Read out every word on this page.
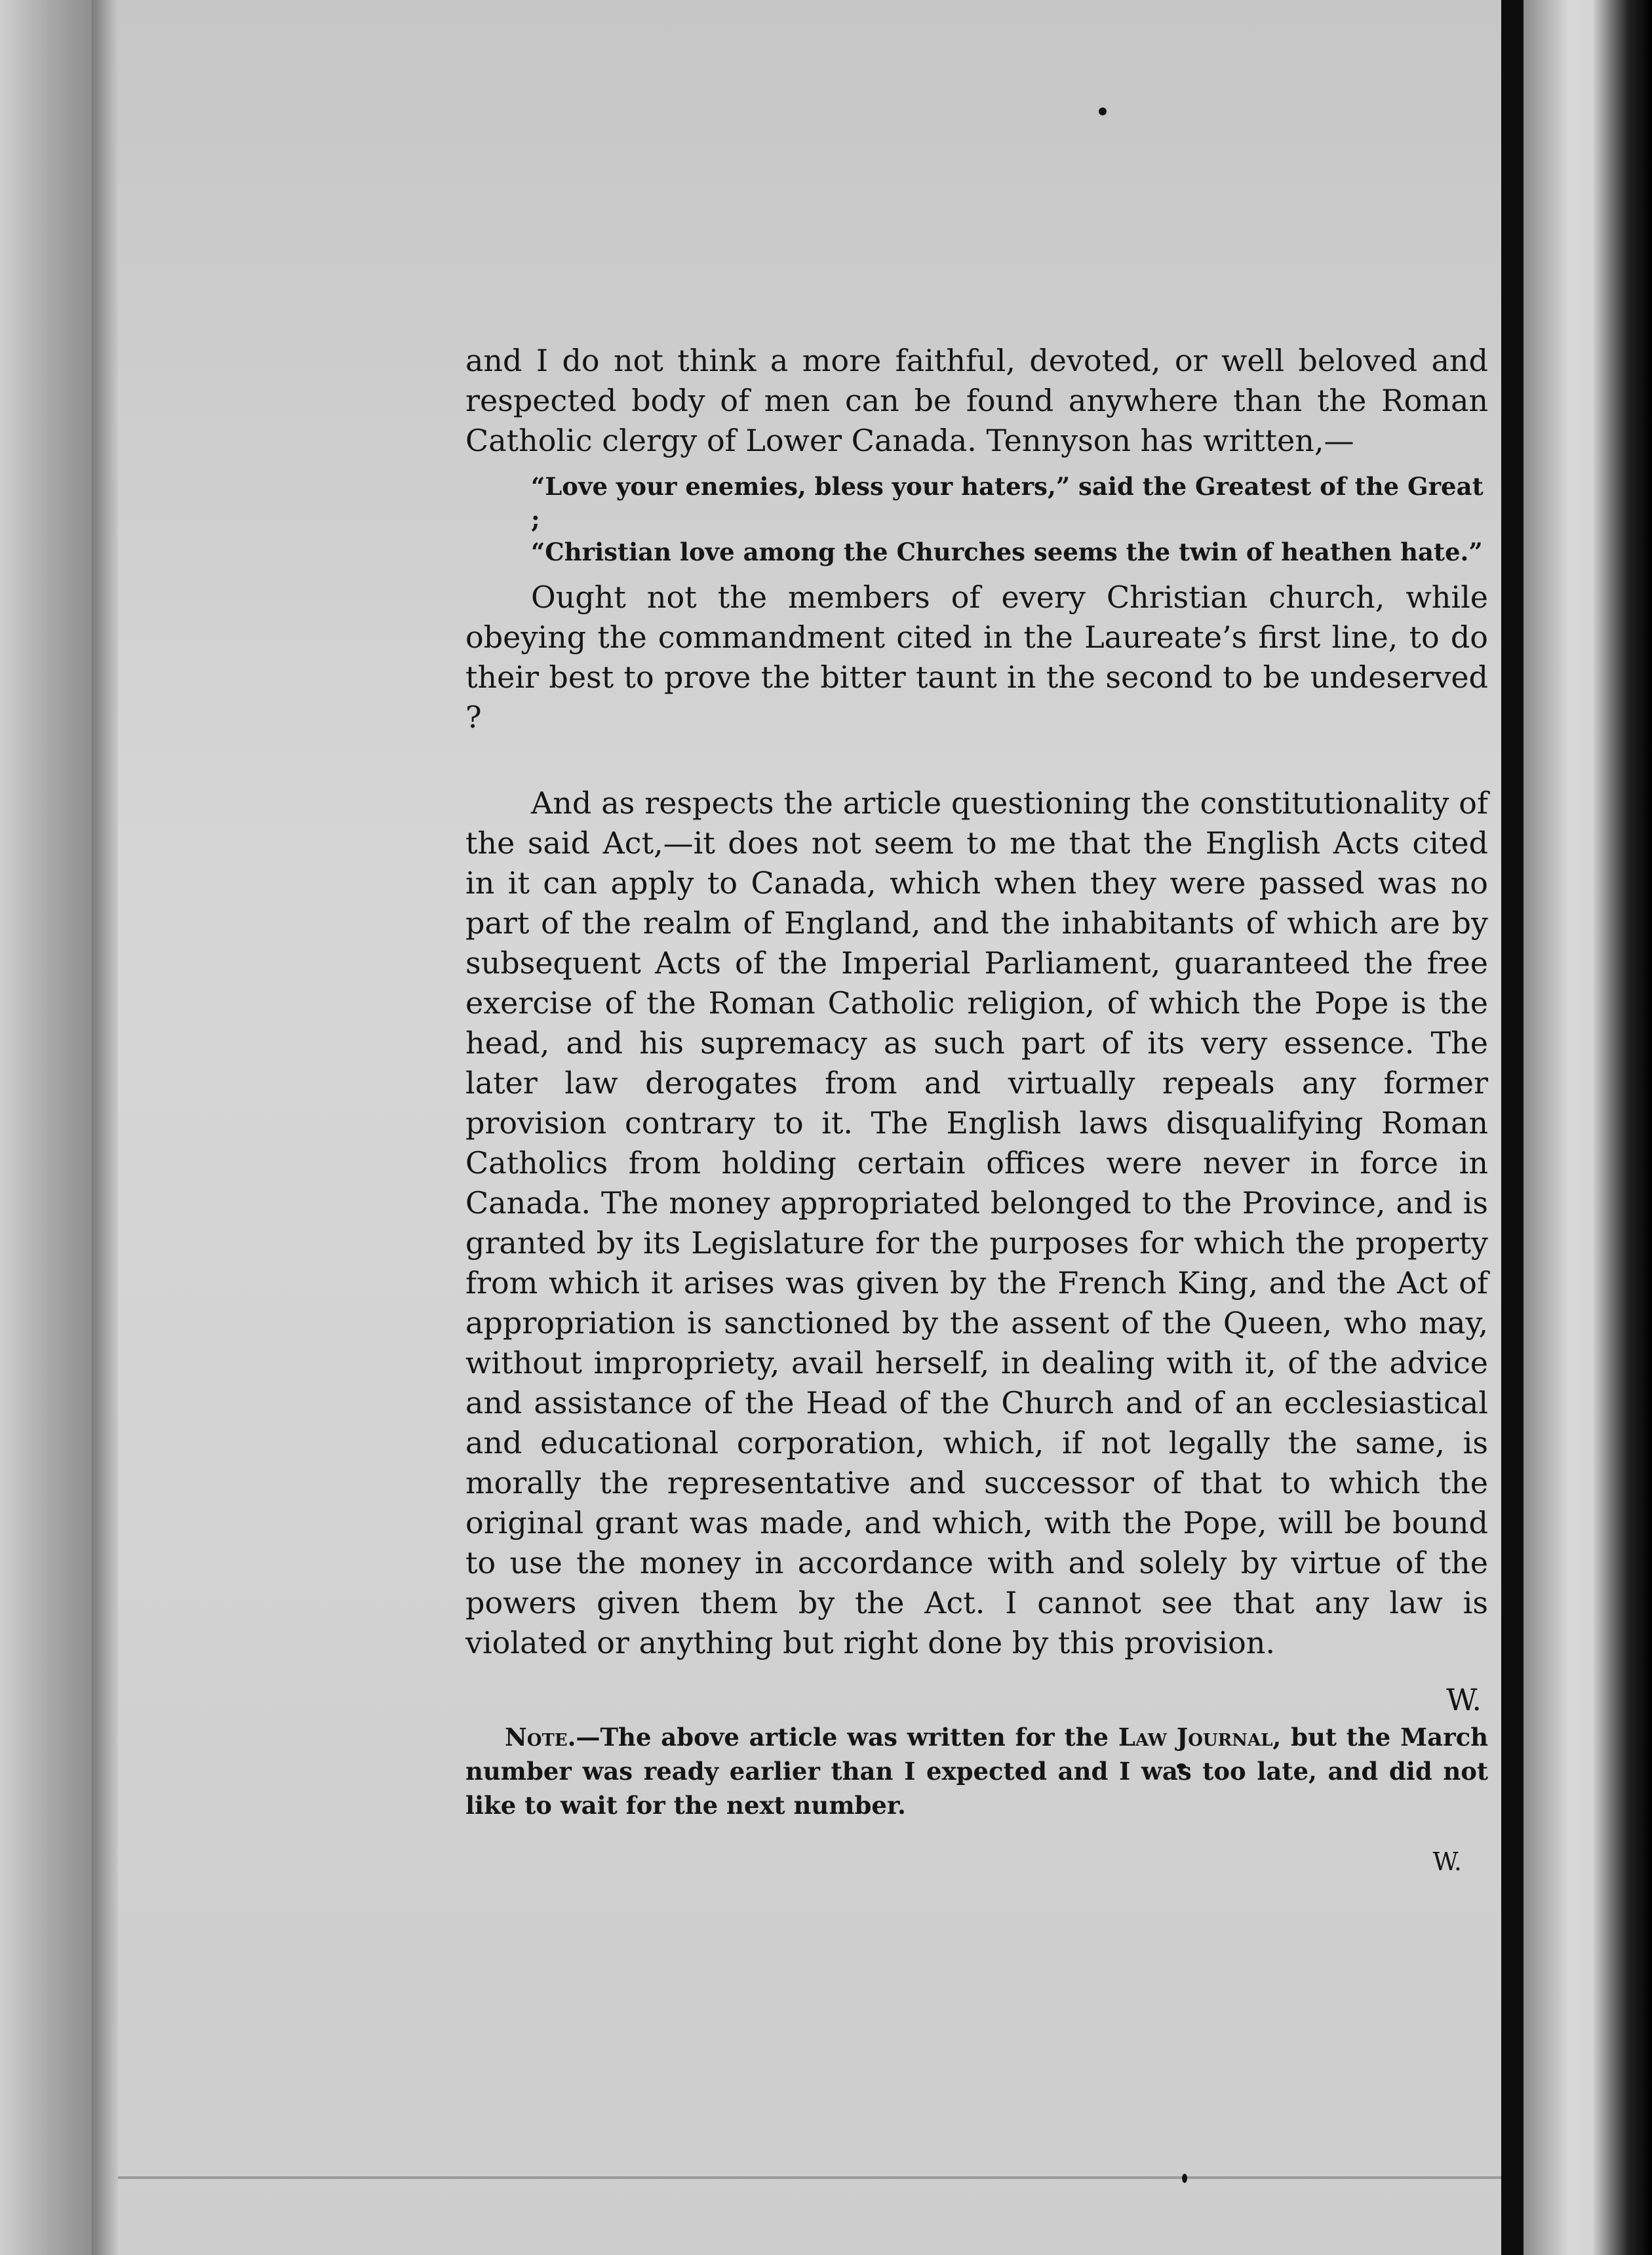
and I do not think a more faithful, devoted, or well beloved and respected body of men can be found anywhere than the Roman Catholic clergy of Lower Canada. Tennyson has written,—

“Love your enemies, bless your haters,” said the Greatest of the Great ;
“Christian love among the Churches seems the twin of heathen hate.”

Ought not the members of every Christian church, while obeying the commandment cited in the Laureate’s first line, to do their best to prove the bitter taunt in the second to be undeserved ?

And as respects the article questioning the constitutionality of the said Act,—it does not seem to me that the English Acts cited in it can apply to Canada, which when they were passed was no part of the realm of England, and the inhabitants of which are by subsequent Acts of the Imperial Parliament, guaranteed the free exercise of the Roman Catholic religion, of which the Pope is the head, and his supremacy as such part of its very essence. The later law derogates from and virtually repeals any former provision contrary to it. The English laws disqualifying Roman Catholics from holding certain offices were never in force in Canada. The money appropriated belonged to the Province, and is granted by its Legislature for the purposes for which the property from which it arises was given by the French King, and the Act of appropriation is sanctioned by the assent of the Queen, who may, without impropriety, avail herself, in dealing with it, of the advice and assistance of the Head of the Church and of an ecclesiastical and educational corporation, which, if not legally the same, is morally the representative and successor of that to which the original grant was made, and which, with the Pope, will be bound to use the money in accordance with and solely by virtue of the powers given them by the Act. I cannot see that any law is violated or anything but right done by this provision.

W.

Note.—The above article was written for the Law Journal, but the March number was ready earlier than I expected and I was too late, and did not like to wait for the next number.

W.
